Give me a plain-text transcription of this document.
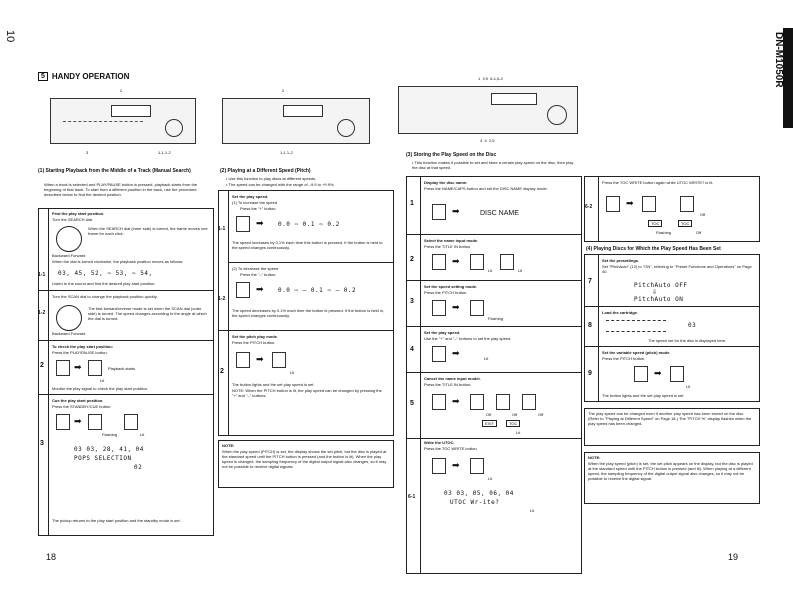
10	DN-M1050R
18	19
5 HANDY OPERATION
2
3	1-1,1-2
2
1-1 1-2
1  3,9  6-1,6-2
4  4  2,5
(1) Starting Playback from the Middle of a Track (Manual Search)
When a track is selected and PLAY/PAUSE button is pressed, playback starts from the beginning of that track. To start from a different position in the track, use the procedure described below to find the desired position.
1-1
Find the play start position.
Turn the SEARCH dial.
When the SEARCH dial (inner side) is turned, the frame moves one frame for each click.
Backward Forward
When the dial is turned clockwise, the playback position moves as follows:
03, 45, 52, ⇨ 53, ⇨ 54,
Listen to the sound and find the desired play start position.
1-2
Turn the SCAN dial to change the playback position quickly.
The fast forward/reverse mode is set when the SCAN dial (outer side) is turned. The speed changes according to the angle at which the dial is turned.
Backward Forward
2
To check the play start position:
Press the PLAY/PAUSE button.
➡	Playback starts
Lit
Monitor the play signal to check the play start position.
3
Cue the play start position.
Press the STANDBY/CUE button.
➡
Flashing	Lit
03 03, 28, 41, 04
POPS SELECTION
02
The pickup returns to the play start position and the standby mode is set.
(2) Playing at a Different Speed (Pitch)
• Use this function to play discs at different speeds.
• The speed can be changed with the range of –9.9 to +9.9%.
1-1
Set the play speed.
(1) To increase the speed
Press the "+" button.
➡ 0.0 ⇨ 0.1 ⇨ 0.2
The speed increases by 0.1% each time this button is pressed. If the button is held in, the speed changes continuously.
1-2
(2) To decrease the speed
Press the "–" button.
➡ 0.0 ⇨ – 0.1 ⇨ – 0.2
The speed decreases by 0.1% each time the button is pressed. If the button is held in, the speed changes continuously.
2
Set the pitch play mode.
Press the PITCH button.
➡
Lit
The button lights and the set play speed is set.
NOTE: When the PITCH button is lit, the play speed can be changed by pressing the "+" and "–" buttons.
NOTE:
When the play speed (PITCH) is set, the display shows the set pitch, but the disc is played at the standard speed until the PITCH button is pressed (and the button is lit). When the play speed is changed, the sampling frequency of the digital output signal also changes, so it may not be possible to receive digital signals.
(3) Storing the Play Speed on the Disc
• This function makes it possible to set and store a certain play speed on the disc, then play the disc at that speed.
1
Display the disc name:
Press the NAME/CAPS button and set the DISC NAME display mode.
➡	DISC NAME
2
Select the name input mode.
Press the TITLE IN button.
➡
Lit	Lit
3
Set the speed setting mode.
Press the PITCH button.
➡
Flashing
4
Set the play speed.
Use the "+" and "–" buttons to set the play speed.
➡
Lit
5
Cancel the name input model.
Press the TITLE IN button.
➡
Off	Off	Off
EXIT	TOC
Lit
6-1
Write the UTOC.
Press the TOC WRITE button.
➡
Lit
03 03, 05, 06, 04
UTOC Wr-ite?
Lit
6-2
Press the TOC WRITE button again while UTOC WRITE? is lit.
➡
Off
TOC	TOC
Flashing	Off
(4) Playing Discs for Which the Play Speed Has Been Set
7
Set the presettings.
Set "PitchAuto" (12) to "ON", referring to "Preset Functions and Operations" on Page 40.
PitchAuto OFF
⇩
PitchAuto ON
8
Load the cartridge.
03
The speed set for the disc is displayed here.
9
Set the variable speed (pitch) mode.
Press the PITCH button.
➡
Lit
The button lights and the set play speed is set.
The play speed can be changed even if another play speed has been stored on the disc. (Refer to "Playing at Different Speed" on Page 18.) The "PITCH %" display flashes when the play speed has been changed.
NOTE:
When the play speed (pitch) is set, the set pitch appears on the display, but the disc is played at the standard speed until the PITCH button is pressed (and lit). When playing at a different speed, the sampling frequency of the digital output signal also changes, so it may not be possible to receive the digital signal.
